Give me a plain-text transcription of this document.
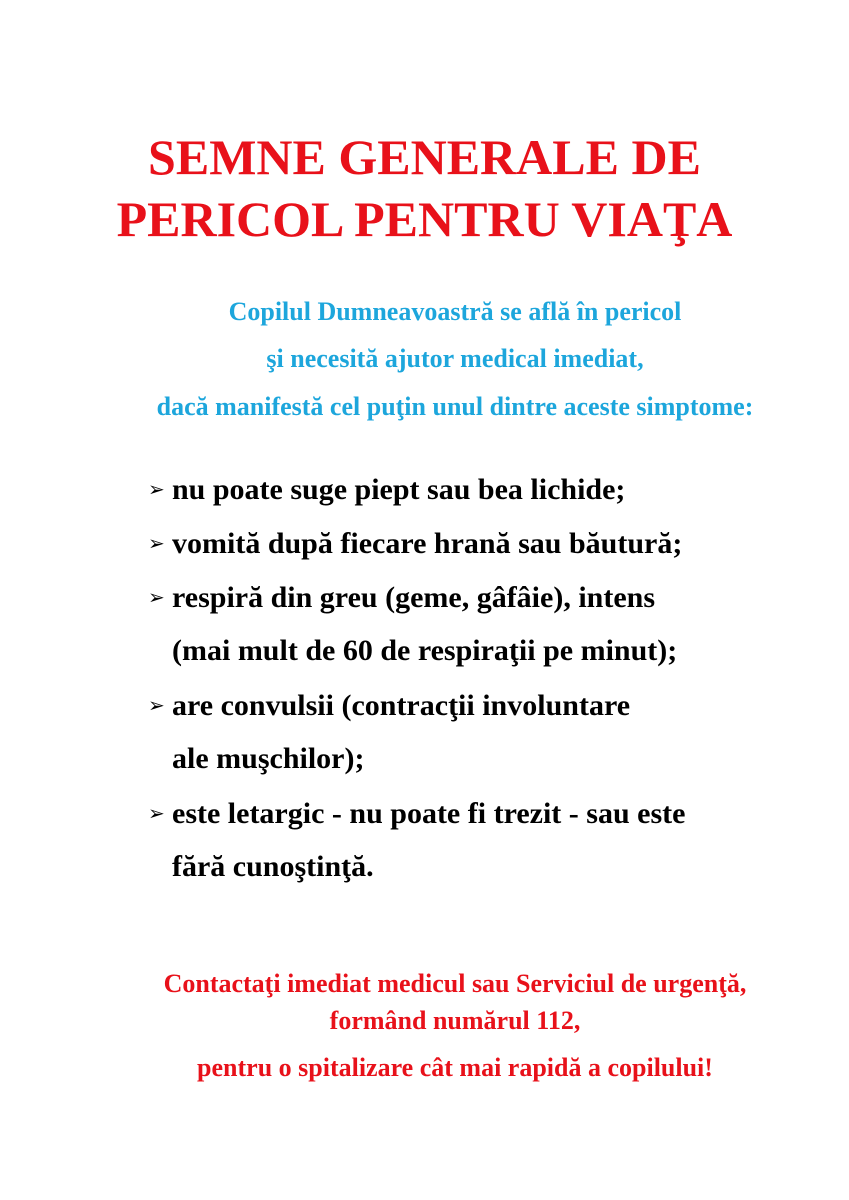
SEMNE GENERALE DE
PERICOL PENTRU VIAŢA
Copilul Dumneavoastră se află în pericol
şi necesită ajutor medical imediat,
dacă manifestă cel puţin unul dintre aceste simptome:
➢ nu poate suge piept sau bea lichide;
➢ vomită după fiecare hrană sau băutură;
➢ respiră din greu (geme, gâfâie), intens
(mai mult de 60 de respiraţii pe minut);
➢ are convulsii (contracţii involuntare
ale muşchilor);
➢ este letargic - nu poate fi trezit - sau este
fără cunoştinţă.
Contactaţi imediat medicul sau Serviciul de urgenţă,
formând numărul 112,
pentru o spitalizare cât mai rapidă a copilului!
